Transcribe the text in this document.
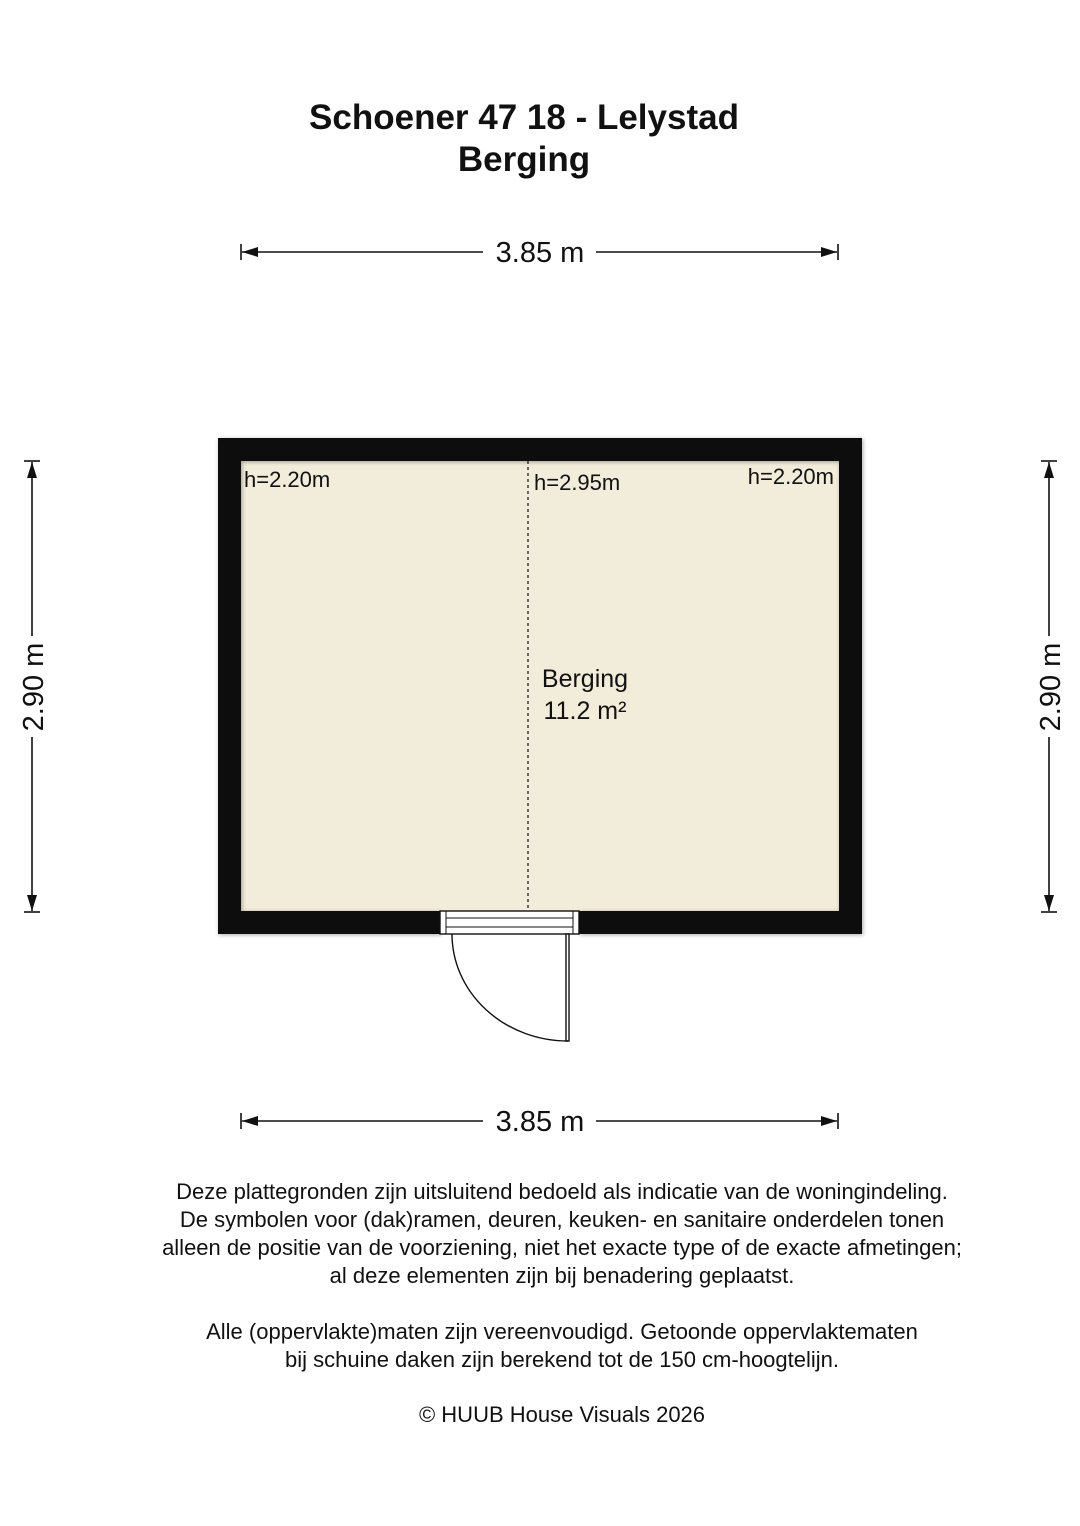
Schoener 47 18 - Lelystad
Berging
3.85 m
3.85 m
2.90 m	2.90 m
h=2.20m	h=2.95m	h=2.20m
Berging
11.2 m²
Deze plattegronden zijn uitsluitend bedoeld als indicatie van de woningindeling.
De symbolen voor (dak)ramen, deuren, keuken- en sanitaire onderdelen tonen
alleen de positie van de voorziening, niet het exacte type of de exacte afmetingen;
al deze elementen zijn bij benadering geplaatst.
Alle (oppervlakte)maten zijn vereenvoudigd. Getoonde oppervlaktematen
bij schuine daken zijn berekend tot de 150 cm-hoogtelijn.
© HUUB House Visuals 2026
